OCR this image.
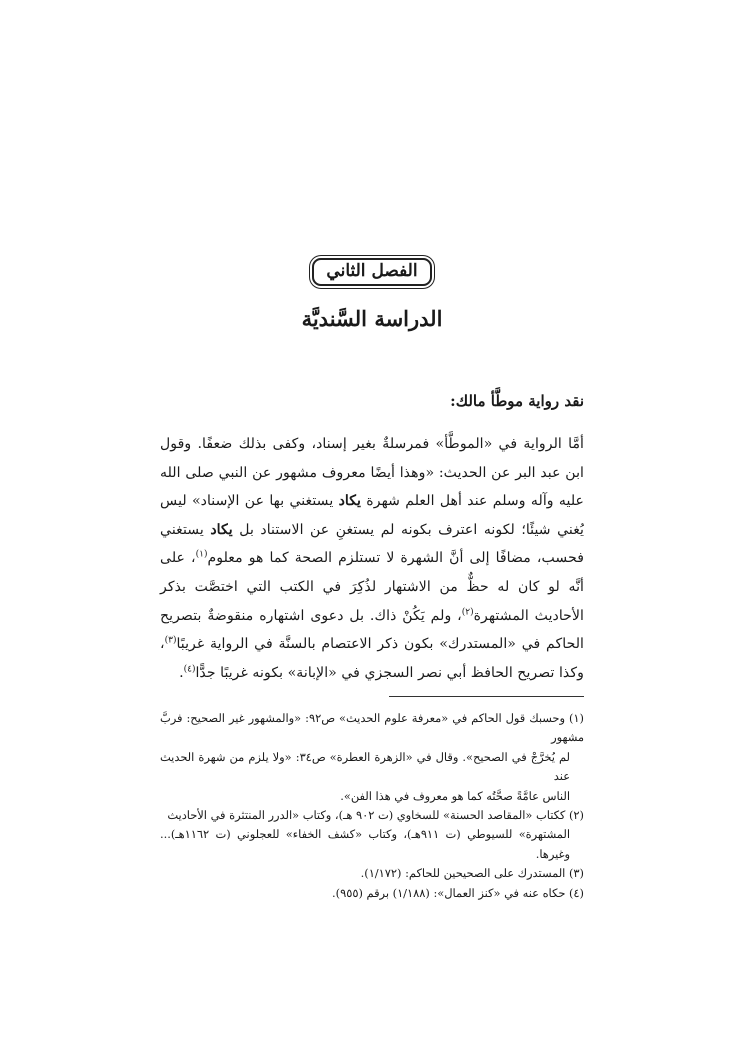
الفصل الثاني
الدراسة السَّنديَّة
نقد رواية موطَّأ مالك:
أمَّا الرواية في «الموطَّأ» فمرسلةٌ بغير إسناد، وكفى بذلك ضعفًا. وقول ابن عبد البر عن الحديث: «وهذا أيضًا معروف مشهور عن النبي صلى الله عليه وآله وسلم عند أهل العلم شهرة يكاد يستغني بها عن الإسناد» ليس يُغني شيئًا؛ لكونه اعترف بكونه لم يستغنِ عن الاستناد بل يكاد يستغني فحسب، مضافًا إلى أنَّ الشهرة لا تستلزم الصحة كما هو معلوم$^{(١)}$، على أنَّه لو كان له حظٌّ من الاشتهار لذُكِرَ في الكتب التي اختصَّت بذكر الأحاديث المشتهرة$^{(٢)}$، ولم يَكُنْ ذاك. بل دعوى اشتهاره منقوضةٌ بتصريح الحاكم في «المستدرك» بكون ذكر الاعتصام بالسنَّة في الرواية غريبًا$^{(٣)}$، وكذا تصريح الحافظ أبي نصر السجزي في «الإبانة» بكونه غريبًا جدًّا$^{(٤)}$.
(١) وحسبك قول الحاكم في «معرفة علوم الحديث» ص٩٢: «والمشهور غير الصحيح: فربَّ مشهور
لم يُخرَّجْ في الصحيح». وقال في «الزهرة العطرة» ص٣٤: «ولا يلزم من شهرة الحديث عند
الناس عامَّةً صحَّتُه كما هو معروف في هذا الفن».
(٢) ككتاب «المقاصد الحسنة» للسخاوي (ت ٩٠٢ هـ)، وكتاب «الدرر المنتثرة في الأحاديث
المشتهرة» للسيوطي (ت ٩١١هـ)، وكتاب «كشف الخفاء» للعجلوني (ت ١١٦٢هـ)... وغيرها.
(٣) المستدرك على الصحيحين للحاكم: (١/١٧٢).
(٤) حكاه عنه في «كنز العمال»: (١/١٨٨) برقم (٩٥٥).
